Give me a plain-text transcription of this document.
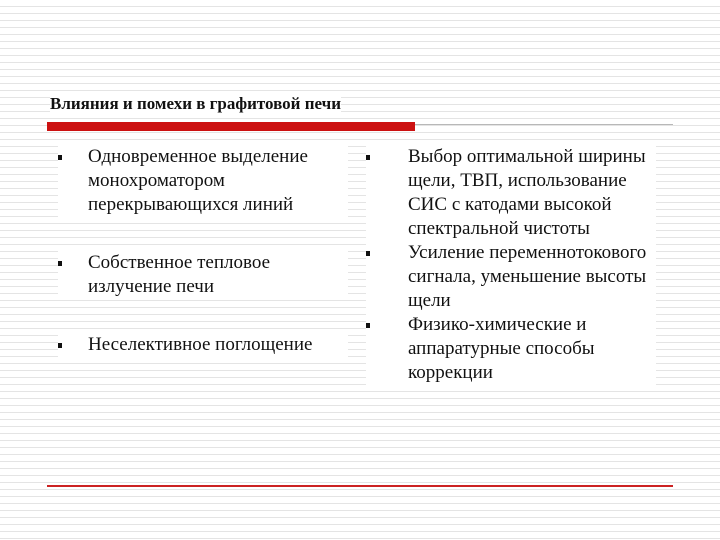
Влияния и помехи в графитовой печи
Одновременное выделение монохроматором перекрывающихся линий
Собственное тепловое излучение печи
Неселективное поглощение
Выбор оптимальной ширины щели, ТВП, использование СИС с катодами высокой спектральной чистоты
Усиление переменнотокового сигнала, уменьшение высоты щели
Физико-химические и аппаратурные способы коррекции
